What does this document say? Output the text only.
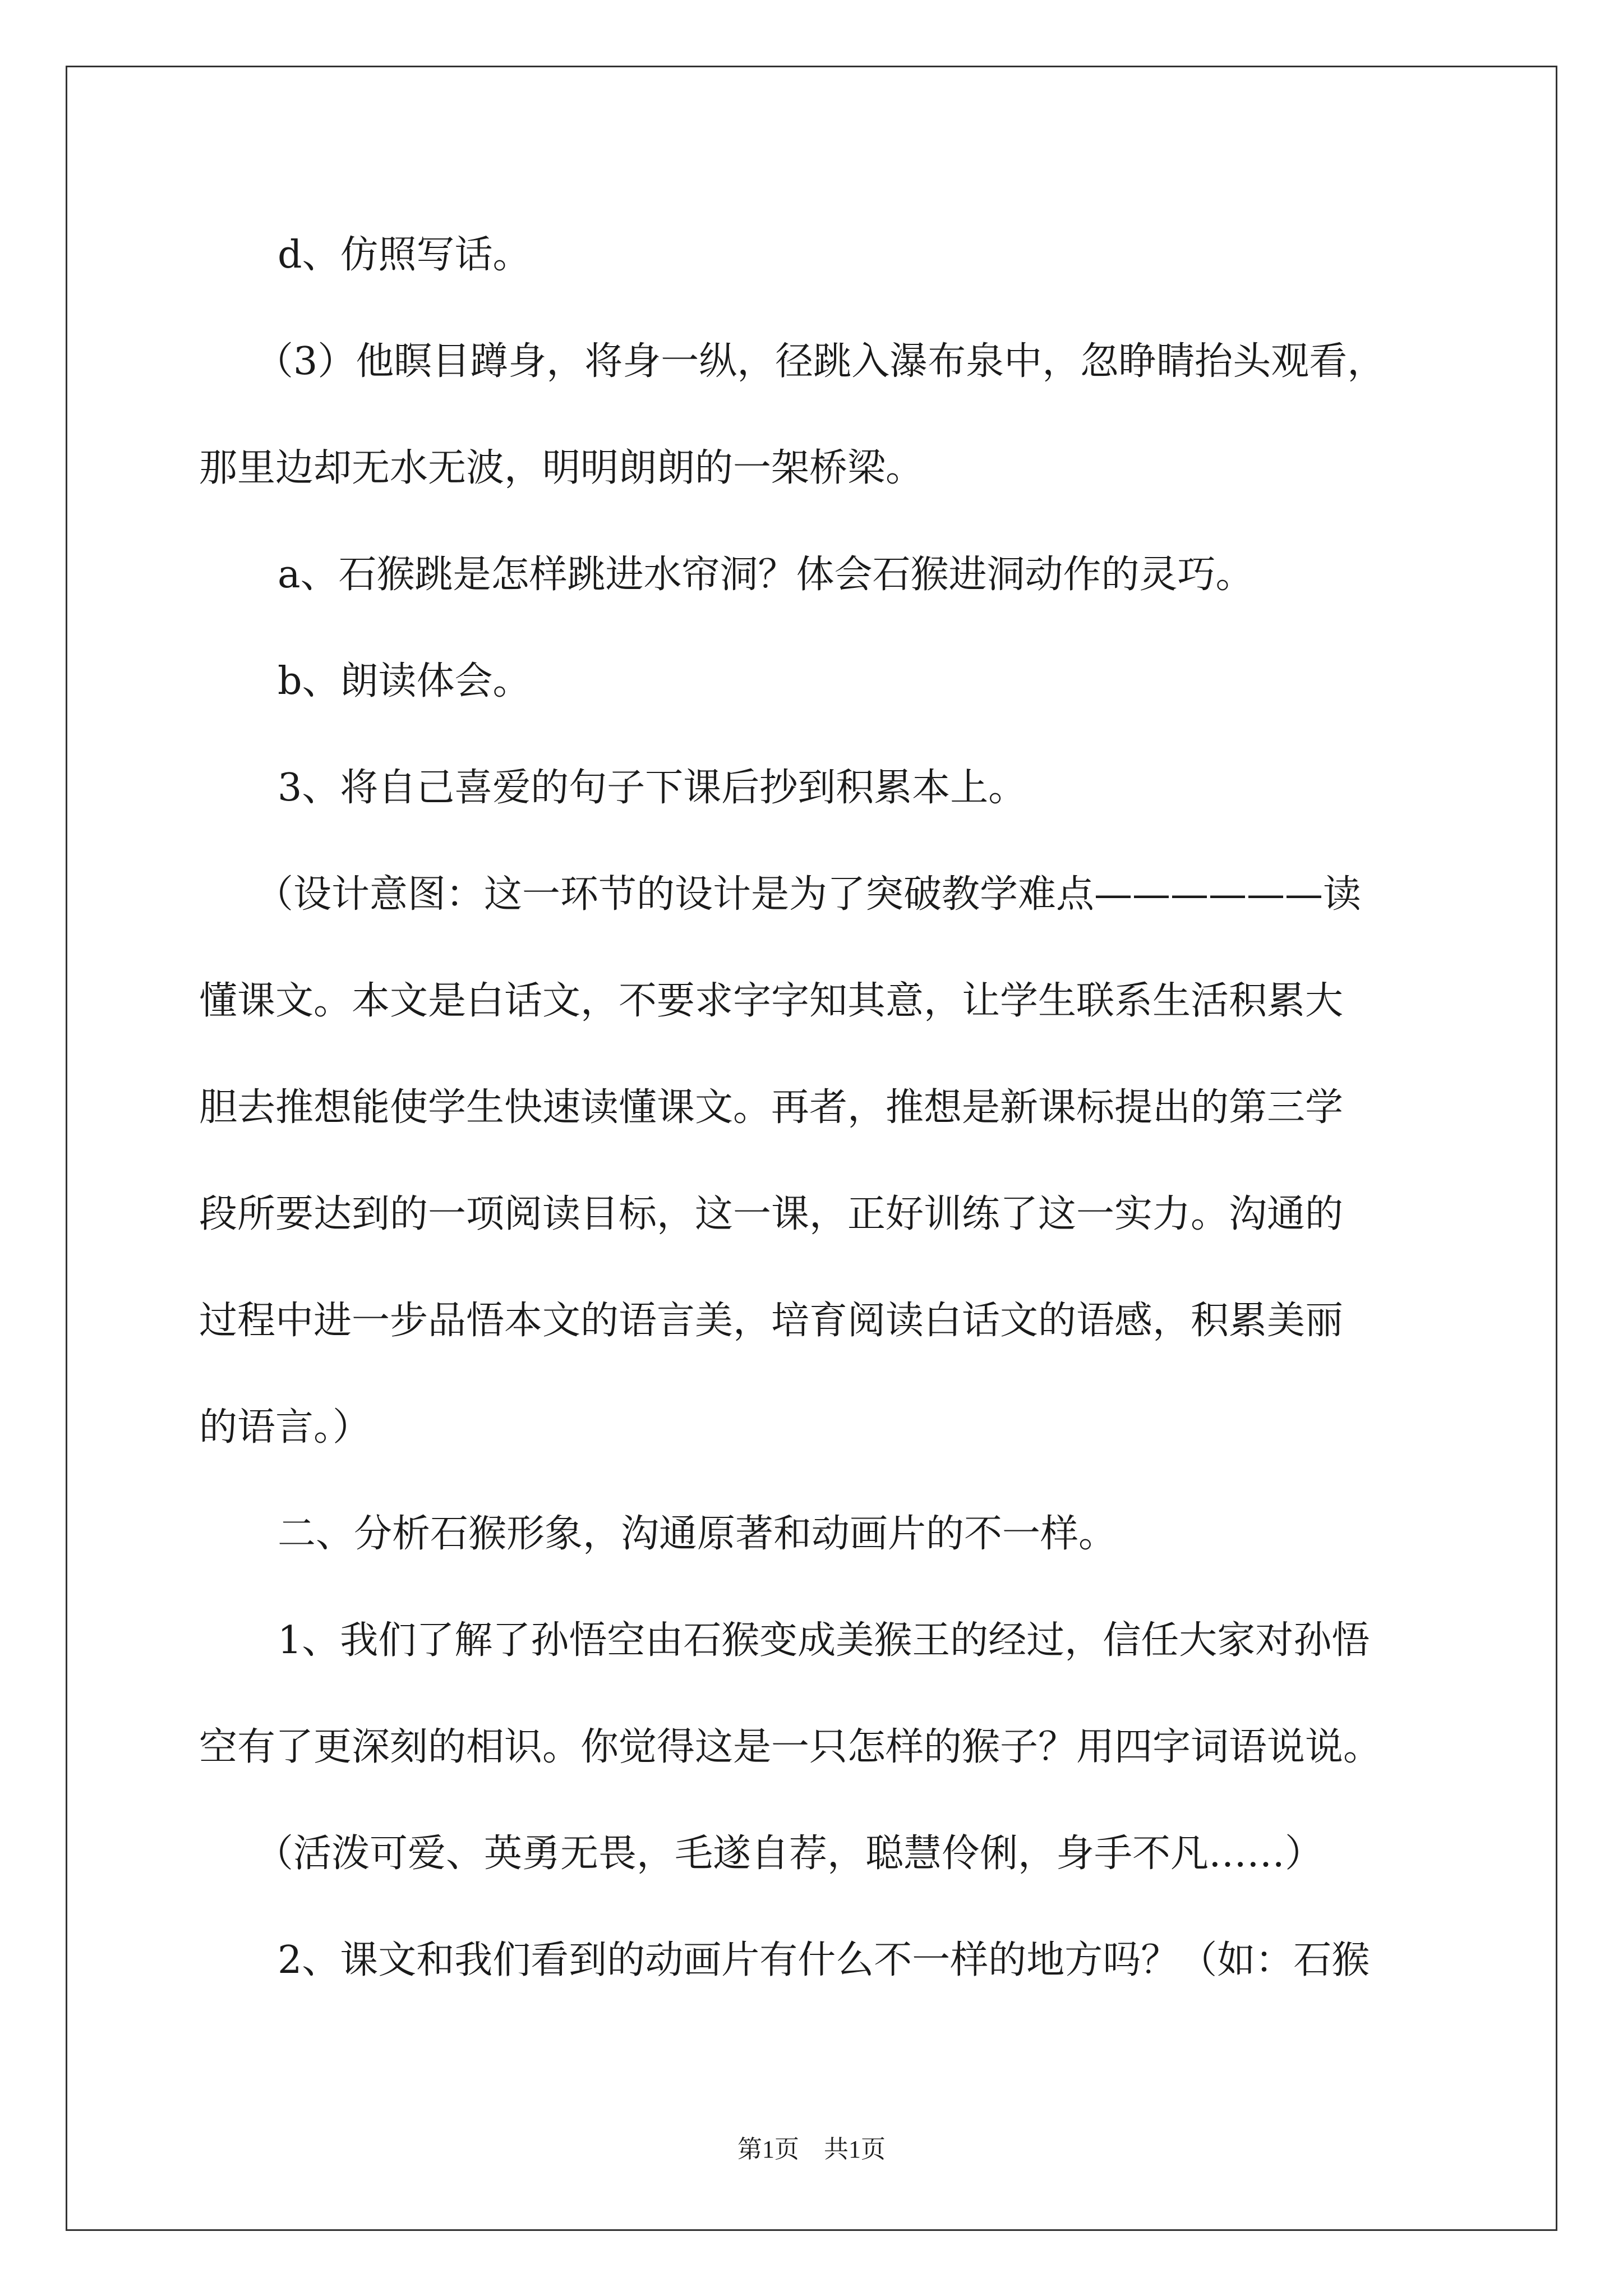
d、仿照写话。

（3）他瞑目蹲身，将身一纵，径跳入瀑布泉中，忽睁睛抬头观看，

那里边却无水无波，明明朗朗的一架桥梁。

a、石猴跳是怎样跳进水帘洞？体会石猴进洞动作的灵巧。

b、朗读体会。

3、将自己喜爱的句子下课后抄到积累本上。

（设计意图：这一环节的设计是为了突破教学难点——————读

懂课文。本文是白话文，不要求字字知其意，让学生联系生活积累大

胆去推想能使学生快速读懂课文。再者，推想是新课标提出的第三学

段所要达到的一项阅读目标，这一课，正好训练了这一实力。沟通的

过程中进一步品悟本文的语言美，培育阅读白话文的语感，积累美丽

的语言。）

二、分析石猴形象，沟通原著和动画片的不一样。

1、我们了解了孙悟空由石猴变成美猴王的经过，信任大家对孙悟

空有了更深刻的相识。你觉得这是一只怎样的猴子？用四字词语说说。

（活泼可爱、英勇无畏，毛遂自荐，聪慧伶俐，身手不凡……）

2、课文和我们看到的动画片有什么不一样的地方吗？（如：石猴

第1页　共1页
